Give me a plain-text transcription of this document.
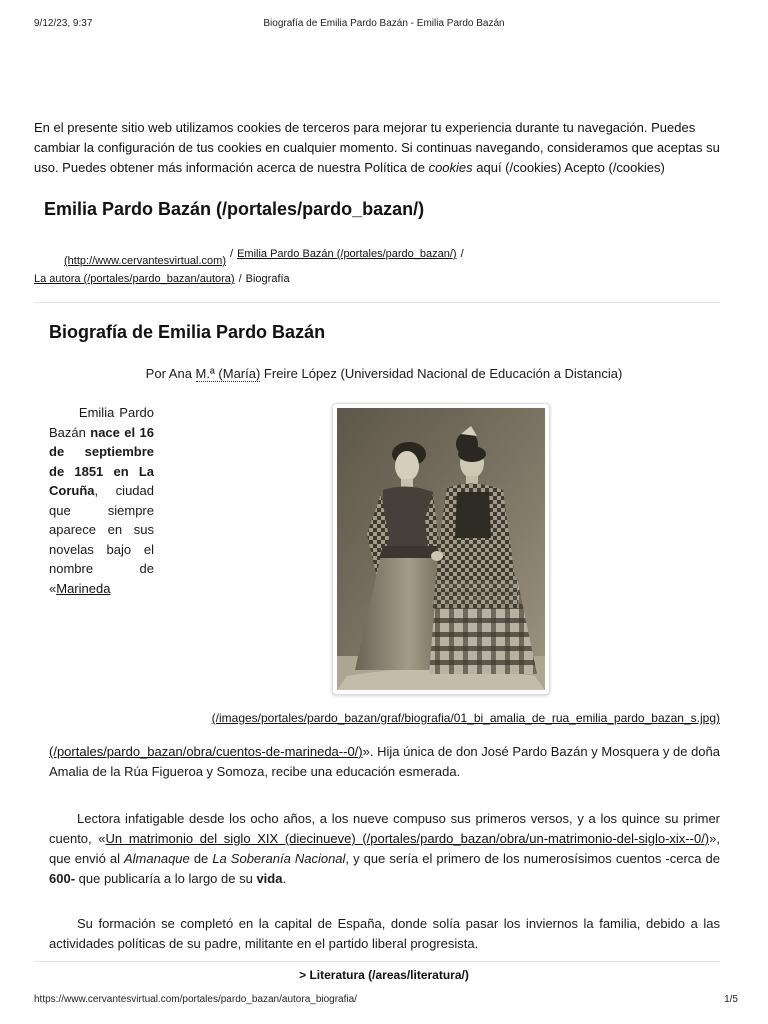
9/12/23, 9:37	Biografía de Emilia Pardo Bazán - Emilia Pardo Bazán
En el presente sitio web utilizamos cookies de terceros para mejorar tu experiencia durante tu navegación. Puedes cambiar la configuración de tus cookies en cualquier momento. Si continuas navegando, consideramos que aceptas su uso. Puedes obtener más información acerca de nuestra Política de cookies aquí (/cookies) Acepto (/cookies)
Emilia Pardo Bazán (/portales/pardo_bazan/)
(http://www.cervantesvirtual.com)/ Emilia Pardo Bazán (/portales/pardo_bazan/) /
La autora (/portales/pardo_bazan/autora) / Biografía
Biografía de Emilia Pardo Bazán
Por Ana M.ª (María) Freire López (Universidad Nacional de Educación a Distancia)
Emilia Pardo Bazán nace el 16 de septiembre de 1851 en La Coruña, ciudad que siempre aparece en sus novelas bajo el nombre de «Marineda
(/images/portales/pardo_bazan/graf/biografia/01_bi_amalia_de_rua_emilia_pardo_bazan_s.jpg)

(/portales/pardo_bazan/obra/cuentos-de-marineda--0/)». Hija única de don José Pardo Bazán y Mosquera y de doña Amalia de la Rúa Figueroa y Somoza, recibe una educación esmerada.

Lectora infatigable desde los ocho años, a los nueve compuso sus primeros versos, y a los quince su primer cuento, «Un matrimonio del siglo XIX (diecinueve) (/portales/pardo_bazan/obra/un-matrimonio-del-siglo-xix--0/)», que envió al Almanaque de La Soberanía Nacional, y que sería el primero de los numerosísimos cuentos -cerca de 600- que publicaría a lo largo de su vida.

Su formación se completó en la capital de España, donde solía pasar los inviernos la familia, debido a las actividades políticas de su padre, militante en el partido liberal progresista.

> Literatura (/areas/literatura/)
https://www.cervantesvirtual.com/portales/pardo_bazan/autora_biografia/	1/5
